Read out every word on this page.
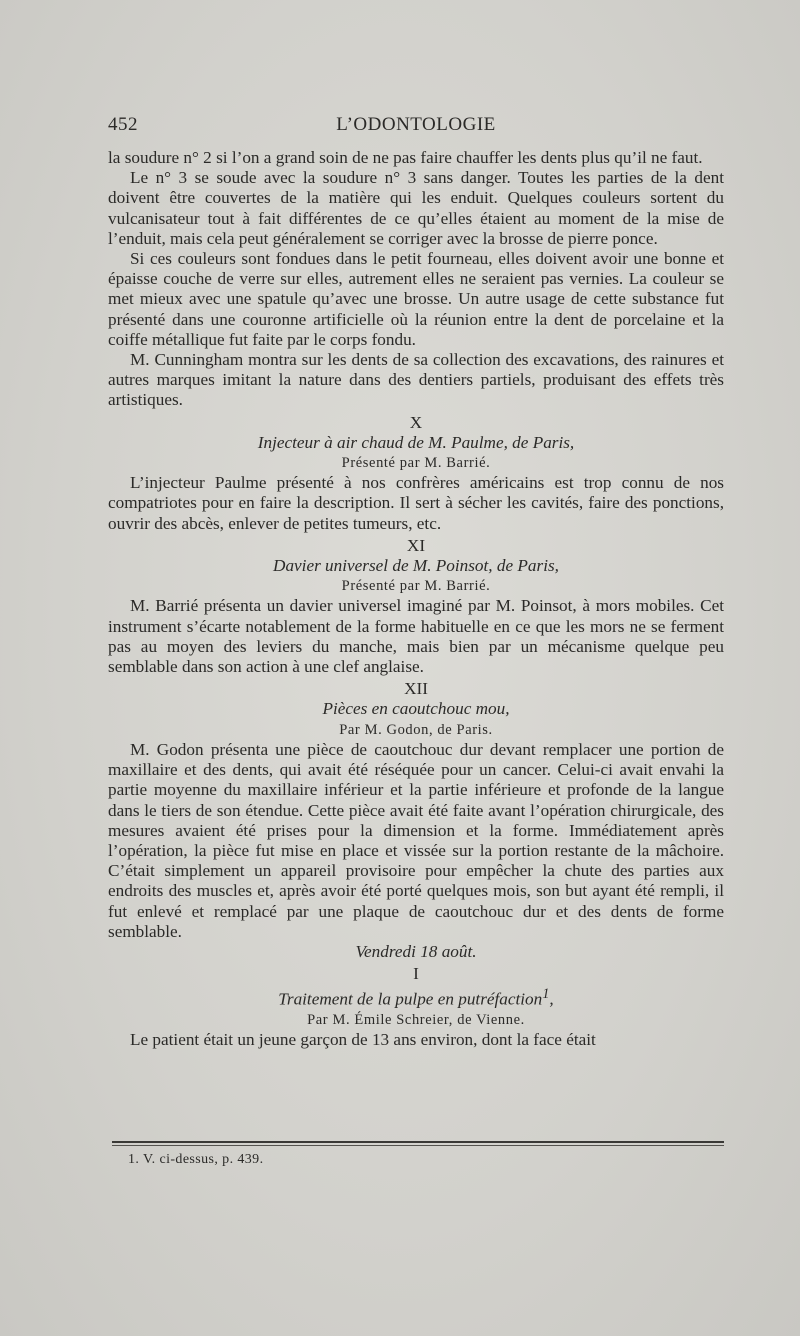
452	L’ODONTOLOGIE

la soudure n° 2 si l’on a grand soin de ne pas faire chauffer les dents plus qu’il ne faut.

Le n° 3 se soude avec la soudure n° 3 sans danger. Toutes les parties de la dent doivent être couvertes de la matière qui les enduit. Quelques couleurs sortent du vulcanisateur tout à fait différentes de ce qu’elles étaient au moment de la mise de l’enduit, mais cela peut généralement se corriger avec la brosse de pierre ponce.

Si ces couleurs sont fondues dans le petit fourneau, elles doivent avoir une bonne et épaisse couche de verre sur elles, autrement elles ne seraient pas vernies. La couleur se met mieux avec une spatule qu’avec une brosse. Un autre usage de cette substance fut présenté dans une couronne artificielle où la réunion entre la dent de porcelaine et la coiffe métallique fut faite par le corps fondu.

M. Cunningham montra sur les dents de sa collection des excavations, des rainures et autres marques imitant la nature dans des dentiers partiels, produisant des effets très artistiques.

X
Injecteur à air chaud de M. Paulme, de Paris,
Présenté par M. Barrié.

L’injecteur Paulme présenté à nos confrères américains est trop connu de nos compatriotes pour en faire la description. Il sert à sécher les cavités, faire des ponctions, ouvrir des abcès, enlever de petites tumeurs, etc.

XI
Davier universel de M. Poinsot, de Paris,
Présenté par M. Barrié.

M. Barrié présenta un davier universel imaginé par M. Poinsot, à mors mobiles. Cet instrument s’écarte notablement de la forme habituelle en ce que les mors ne se ferment pas au moyen des leviers du manche, mais bien par un mécanisme quelque peu semblable dans son action à une clef anglaise.

XII
Pièces en caoutchouc mou,
Par M. Godon, de Paris.

M. Godon présenta une pièce de caoutchouc dur devant remplacer une portion de maxillaire et des dents, qui avait été réséquée pour un cancer. Celui-ci avait envahi la partie moyenne du maxillaire inférieur et la partie inférieure et profonde de la langue dans le tiers de son étendue. Cette pièce avait été faite avant l’opération chirurgicale, des mesures avaient été prises pour la dimension et la forme. Immédiatement après l’opération, la pièce fut mise en place et vissée sur la portion restante de la mâchoire. C’était simplement un appareil provisoire pour empêcher la chute des parties aux endroits des muscles et, après avoir été porté quelques mois, son but ayant été rempli, il fut enlevé et remplacé par une plaque de caoutchouc dur et des dents de forme semblable.

Vendredi 18 août.
I
Traitement de la pulpe en putréfaction$^1$,
Par M. Émile Schreier, de Vienne.

Le patient était un jeune garçon de 13 ans environ, dont la face était

1. V. ci-dessus, p. 439.
